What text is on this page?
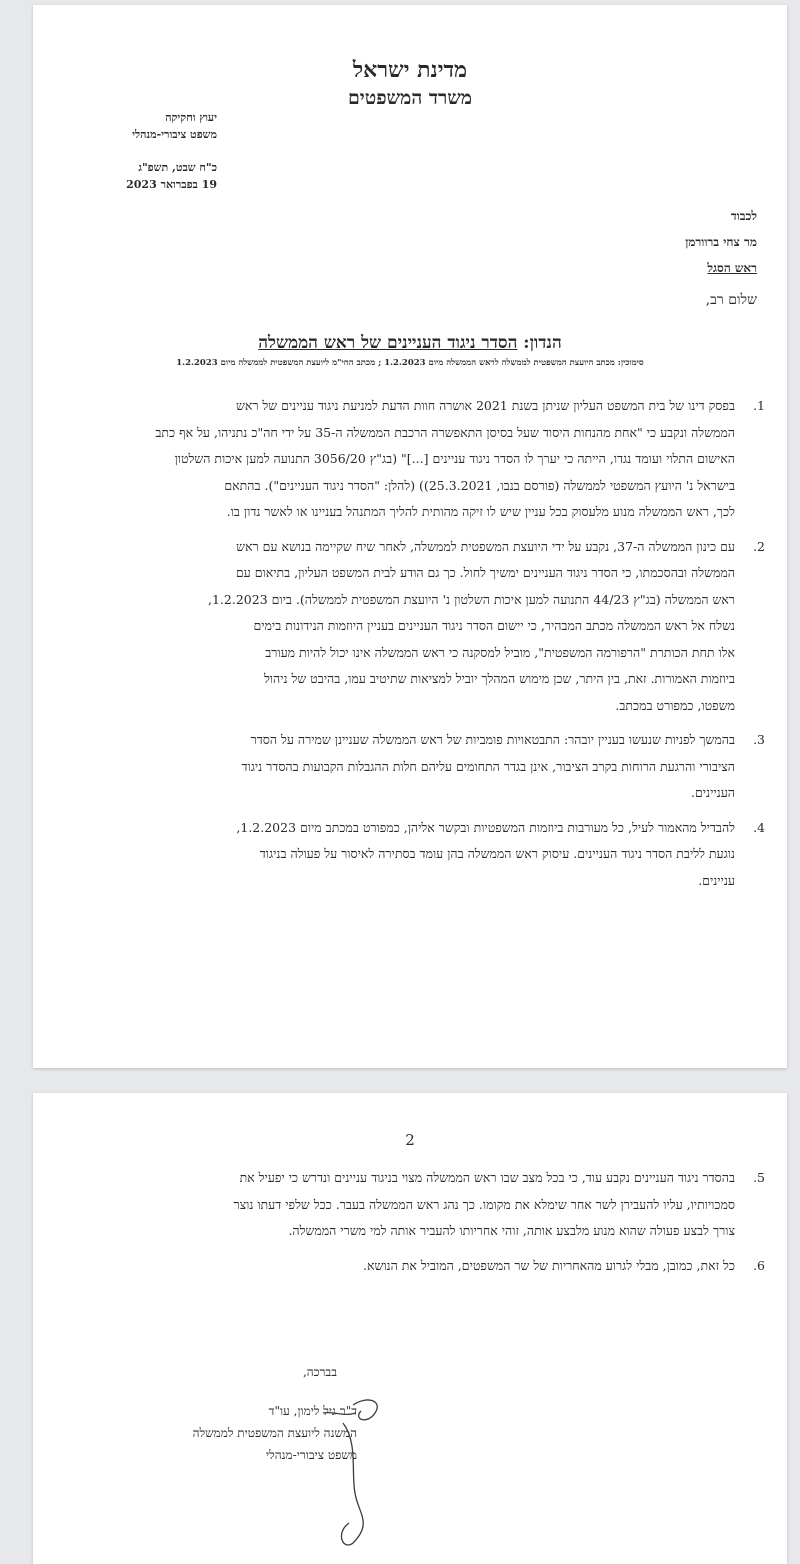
מדינת ישראל
משרד המשפטים
יעוץ וחקיקה
משפט ציבורי-מנהלי
כ"ח שבט, תשפ"ג
19 בפברואר 2023
לכבוד
מר צחי ברוורמן
ראש הסגל
שלום רב,
הנדון: הסדר ניגוד העניינים של ראש הממשלה
סימוכין: מכתב היועצת המשפטית לממשלה לראש הממשלה מיום 1.2.2023 ; מכתב החי"מ ליועצת המשפטית לממשלה מיום 1.2.2023
1.
בפסק דינו של בית המשפט העליון שניתן בשנת 2021 אושרה חוות הדעת למניעת ניגוד עניינים של ראש
הממשלה ונקבע כי "אחת מהנחות היסוד שעל בסיסן התאפשרה הרכבת הממשלה ה-35 על ידי חה"כ נתניהו, על אף כתב
האישום התלוי ועומד נגדו, הייתה כי יערך לו הסדר ניגוד עניינים [...]" (בג"ץ 3056/20 התנועה למען איכות השלטון
בישראל נ' היועץ המשפטי לממשלה (פורסם בנבו, 25.3.2021)) (להלן: "הסדר ניגוד העניינים"). בהתאם
לכך, ראש הממשלה מנוע מלעסוק בכל עניין שיש לו זיקה מהותית להליך המתנהל בעניינו או לאשר נדון בו.
2.
עם כינון הממשלה ה-37, נקבע על ידי היועצת המשפטית לממשלה, לאחר שיח שקיימה בנושא עם ראש
הממשלה ובהסכמתו, כי הסדר ניגוד העניינים ימשיך לחול. כך גם הודע לבית המשפט העליון, בתיאום עם
ראש הממשלה (בג"ץ 44/23 התנועה למען איכות השלטון נ' היועצת המשפטית לממשלה). ביום 1.2.2023,
נשלח אל ראש הממשלה מכתב המבהיר, כי יישום הסדר ניגוד העניינים בעניין היוזמות הנידונות בימים
אלו תחת הכותרת "הרפורמה המשפטית", מוביל למסקנה כי ראש הממשלה אינו יכול להיות מעורב
ביוזמות האמורות. זאת, בין היתר, שכן מימוש המהלך יוביל למציאות שתיטיב עמו, בהיבט של ניהול
משפטו, כמפורט במכתב.
3.
בהמשך לפניות שנעשו בעניין יובהר: התבטאויות פומביות של ראש הממשלה שעניינן שמירה על הסדר
הציבורי והרגעת הרוחות בקרב הציבור, אינן בגדר התחומים עליהם חלות ההגבלות הקבועות בהסדר ניגוד
העניינים.
4.
להבדיל מהאמור לעיל, כל מעורבות ביוזמות המשפטיות ובקשר אליהן, כמפורט במכתב מיום 1.2.2023,
נוגעת לליבת הסדר ניגוד העניינים. עיסוק ראש הממשלה בהן עומד בסתירה לאיסור על פעולה בניגוד
עניינים.
2
5.
בהסדר ניגוד העניינים נקבע עוד, כי בכל מצב שבו ראש הממשלה מצוי בניגוד עניינים ונדרש כי יפעיל את
סמכויותיו, עליו להעבירן לשר אחר שימלא את מקומו. כך נהג ראש הממשלה בעבר. ככל שלפי דעתו נוצר
צורך לבצע פעולה שהוא מנוע מלבצע אותה, זוהי אחריותו להעביר אותה למי משרי הממשלה.
6.
כל זאת, כמובן, מבלי לגרוע מהאחריות של שר המשפטים, המוביל את הנושא.
בברכה,
ד"ר גיל לימון, עו"ד
המשנה ליועצת המשפטית לממשלה
משפט ציבורי-מנהלי
